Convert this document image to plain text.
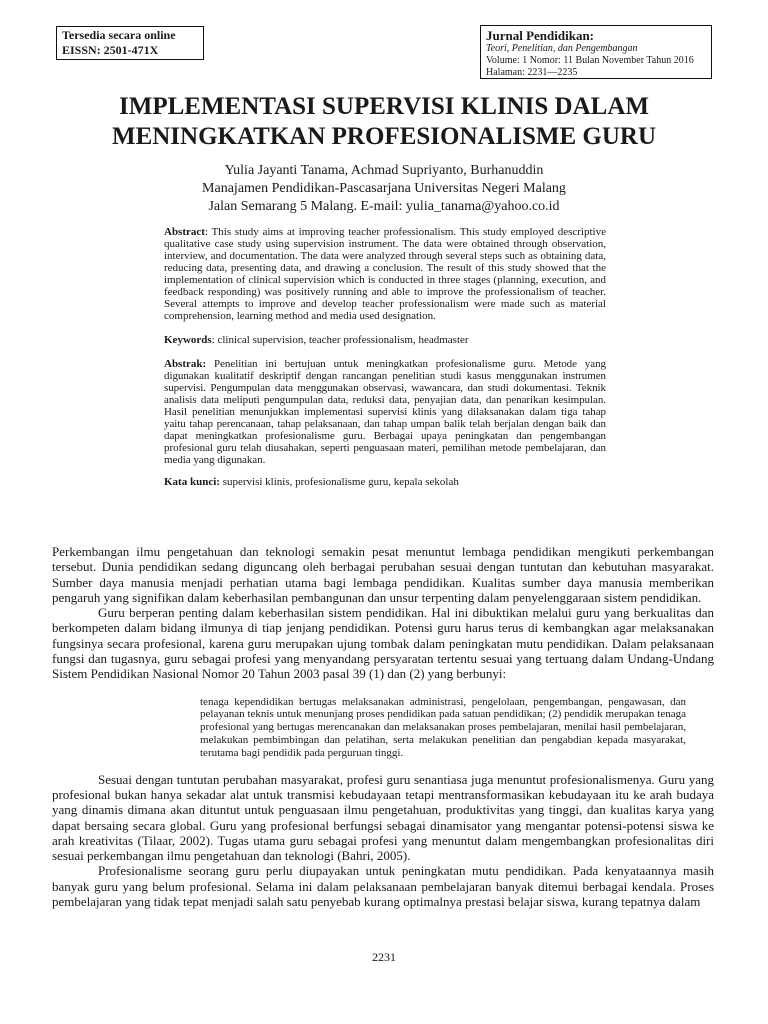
Tersedia secara online
EISSN: 2501-471X
Jurnal Pendidikan:
Teori, Penelitian, dan Pengembangan
Volume: 1 Nomor: 11 Bulan November Tahun 2016
Halaman: 2231—2235
IMPLEMENTASI SUPERVISI KLINIS DALAM
MENINGKATKAN PROFESIONALISME GURU
Yulia Jayanti Tanama, Achmad Supriyanto, Burhanuddin
Manajamen Pendidikan-Pascasarjana Universitas Negeri Malang
Jalan Semarang 5 Malang. E-mail: yulia_tanama@yahoo.co.id

Abstract: This study aims at improving teacher professionalism. This study employed descriptive qualitative case study using supervision instrument. The data were obtained through observation, interview, and documentation. The data were analyzed through several steps such as obtaining data, reducing data, presenting data, and drawing a conclusion. The result of this study showed that the implementation of clinical supervision which is conducted in three stages (planning, execution, and feedback responding) was positively running and able to improve the professionalism of teacher. Several attempts to improve and develop teacher professionalism were made such as material comprehension, learning method and media used designation.

Keywords: clinical supervision, teacher professionalism, headmaster

Abstrak: Penelitian ini bertujuan untuk meningkatkan profesionalisme guru. Metode yang digunakan kualitatif deskriptif dengan rancangan penelitian studi kasus menggunakan instrumen supervisi. Pengumpulan data menggunakan observasi, wawancara, dan studi dokumentasi. Teknik analisis data meliputi pengumpulan data, reduksi data, penyajian data, dan penarikan kesimpulan. Hasil penelitian menunjukkan implementasi supervisi klinis yang dilaksanakan dalam tiga tahap yaitu tahap perencanaan, tahap pelaksanaan, dan tahap umpan balik telah berjalan dengan baik dan dapat meningkatkan profesionalisme guru. Berbagai upaya peningkatan dan pengembangan profesional guru telah diusahakan, seperti penguasaan materi, pemilihan metode pembelajaran, dan media yang digunakan.

Kata kunci: supervisi klinis, profesionalisme guru, kepala sekolah

Perkembangan ilmu pengetahuan dan teknologi semakin pesat menuntut lembaga pendidikan mengikuti perkembangan tersebut. Dunia pendidikan sedang diguncang oleh berbagai perubahan sesuai dengan tuntutan dan kebutuhan masyarakat. Sumber daya manusia menjadi perhatian utama bagi lembaga pendidikan. Kualitas sumber daya manusia memberikan pengaruh yang signifikan dalam keberhasilan pembangunan dan unsur terpenting dalam penyelenggaraan sistem pendidikan.

Guru berperan penting dalam keberhasilan sistem pendidikan. Hal ini dibuktikan melalui guru yang berkualitas dan berkompeten dalam bidang ilmunya di tiap jenjang pendidikan. Potensi guru harus terus di kembangkan agar melaksanakan fungsinya secara profesional, karena guru merupakan ujung tombak dalam peningkatan mutu pendidikan. Dalam pelaksanaan fungsi dan tugasnya, guru sebagai profesi yang menyandang persyaratan tertentu sesuai yang tertuang dalam Undang-Undang Sistem Pendidikan Nasional Nomor 20 Tahun 2003 pasal 39 (1) dan (2) yang berbunyi:

tenaga kependidikan bertugas melaksanakan administrasi, pengelolaan, pengembangan, pengawasan, dan pelayanan teknis untuk menunjang proses pendidikan pada satuan pendidikan; (2) pendidik merupakan tenaga profesional yang bertugas merencanakan dan melaksanakan proses pembelajaran, menilai hasil pembelajaran, melakukan pembimbingan dan pelatihan, serta melakukan penelitian dan pengabdian kepada masyarakat, terutama bagi pendidik pada perguruan tinggi.

Sesuai dengan tuntutan perubahan masyarakat, profesi guru senantiasa juga menuntut profesionalismenya. Guru yang profesional bukan hanya sekadar alat untuk transmisi kebudayaan tetapi mentransformasikan kebudayaan itu ke arah budaya yang dinamis dimana akan dituntut untuk penguasaan ilmu pengetahuan, produktivitas yang tinggi, dan kualitas karya yang dapat bersaing secara global. Guru yang profesional berfungsi sebagai dinamisator yang mengantar potensi-potensi siswa ke arah kreativitas (Tilaar, 2002). Tugas utama guru sebagai profesi yang menuntut dalam mengembangkan profesionalitas diri sesuai perkembangan ilmu pengetahuan dan teknologi (Bahri, 2005).

Profesionalisme seorang guru perlu diupayakan untuk peningkatan mutu pendidikan. Pada kenyataannya masih banyak guru yang belum profesional. Selama ini dalam pelaksanaan pembelajaran banyak ditemui berbagai kendala. Proses pembelajaran yang tidak tepat menjadi salah satu penyebab kurang optimalnya prestasi belajar siswa, kurang tepatnya dalam

2231
